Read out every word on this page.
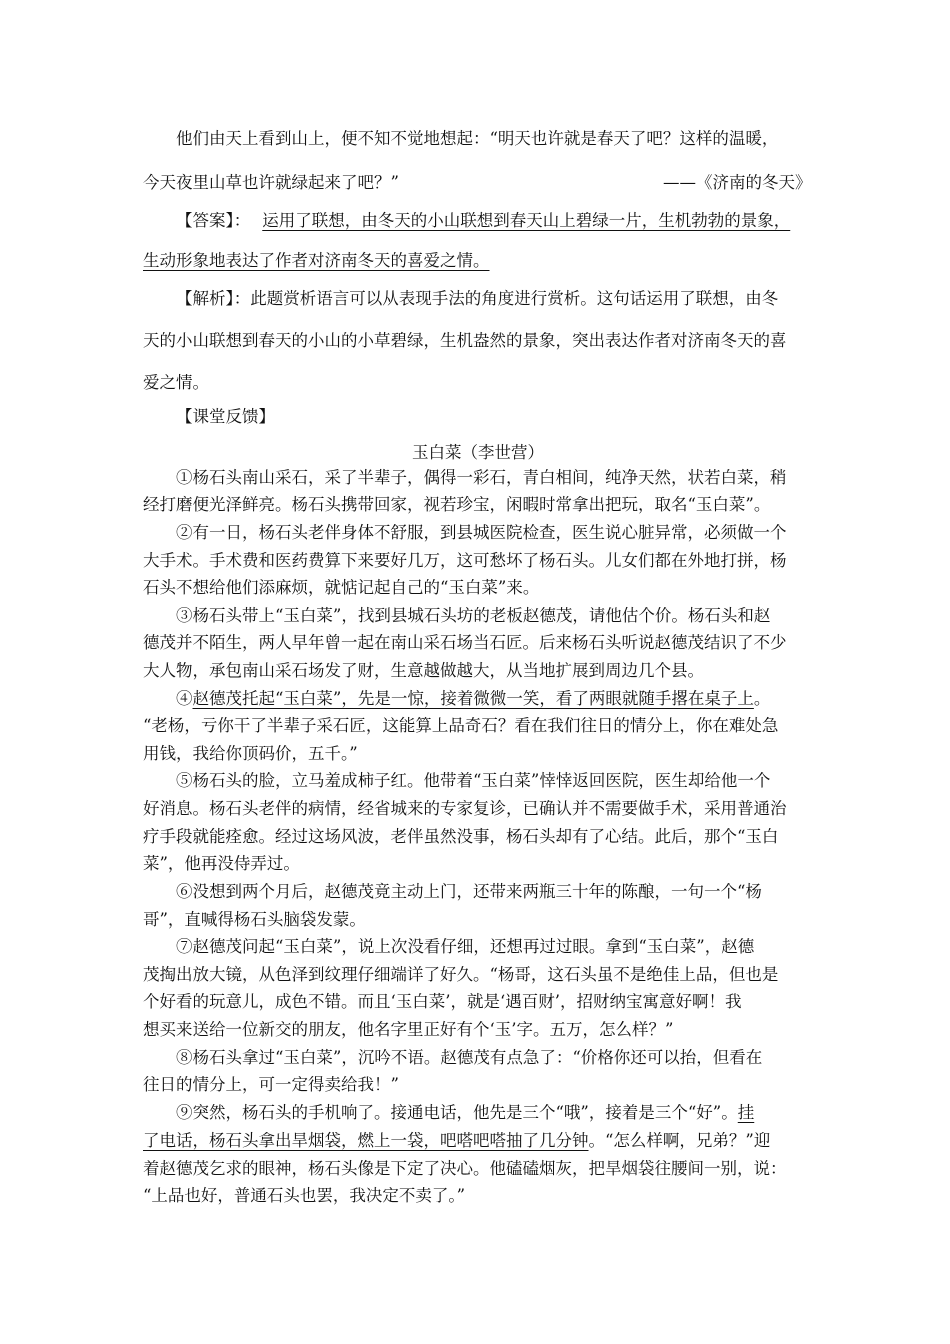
他们由天上看到山上，便不知不觉地想起：“明天也许就是春天了吧？这样的温暖，
今天夜里山草也许就绿起来了吧？”	——《济南的冬天》
【答案】： 运用了联想，由冬天的小山联想到春天山上碧绿一片，生机勃勃的景象，
生动形象地表达了作者对济南冬天的喜爱之情。
【解析】：此题赏析语言可以从表现手法的角度进行赏析。这句话运用了联想，由冬
天的小山联想到春天的小山的小草碧绿，生机盎然的景象，突出表达作者对济南冬天的喜
爱之情。
【课堂反馈】
玉白菜（李世营）
①杨石头南山采石，采了半辈子，偶得一彩石，青白相间，纯净天然，状若白菜，稍
经打磨便光泽鲜亮。杨石头携带回家，视若珍宝，闲暇时常拿出把玩，取名“玉白菜”。
②有一日，杨石头老伴身体不舒服，到县城医院检查，医生说心脏异常，必须做一个
大手术。手术费和医药费算下来要好几万，这可愁坏了杨石头。儿女们都在外地打拼，杨
石头不想给他们添麻烦，就惦记起自己的“玉白菜”来。
③杨石头带上“玉白菜”，找到县城石头坊的老板赵德茂，请他估个价。杨石头和赵
德茂并不陌生，两人早年曾一起在南山采石场当石匠。后来杨石头听说赵德茂结识了不少
大人物，承包南山采石场发了财，生意越做越大，从当地扩展到周边几个县。
④赵德茂托起“玉白菜”，先是一惊，接着微微一笑，看了两眼就随手撂在桌子上。
“老杨，亏你干了半辈子采石匠，这能算上品奇石？看在我们往日的情分上，你在难处急
用钱，我给你顶码价，五千。”
⑤杨石头的脸，立马羞成柿子红。他带着“玉白菜”悻悻返回医院，医生却给他一个
好消息。杨石头老伴的病情，经省城来的专家复诊，已确认并不需要做手术，采用普通治
疗手段就能痊愈。经过这场风波，老伴虽然没事，杨石头却有了心结。此后，那个“玉白
菜”，他再没侍弄过。
⑥没想到两个月后，赵德茂竟主动上门，还带来两瓶三十年的陈酿，一句一个“杨
哥”，直喊得杨石头脑袋发蒙。
⑦赵德茂问起“玉白菜”，说上次没看仔细，还想再过过眼。拿到“玉白菜”，赵德
茂掏出放大镜，从色泽到纹理仔细端详了好久。“杨哥，这石头虽不是绝佳上品，但也是
个好看的玩意儿，成色不错。而且‘玉白菜’，就是‘遇百财’，招财纳宝寓意好啊！我
想买来送给一位新交的朋友，他名字里正好有个‘玉’字。五万，怎么样？”
⑧杨石头拿过“玉白菜”，沉吟不语。赵德茂有点急了：“价格你还可以抬，但看在
往日的情分上，可一定得卖给我！”
⑨突然，杨石头的手机响了。接通电话，他先是三个“哦”，接着是三个“好”。挂
了电话，杨石头拿出旱烟袋，燃上一袋，吧嗒吧嗒抽了几分钟。“怎么样啊，兄弟？”迎
着赵德茂乞求的眼神，杨石头像是下定了决心。他磕磕烟灰，把旱烟袋往腰间一别，说：
“上品也好，普通石头也罢，我决定不卖了。”
